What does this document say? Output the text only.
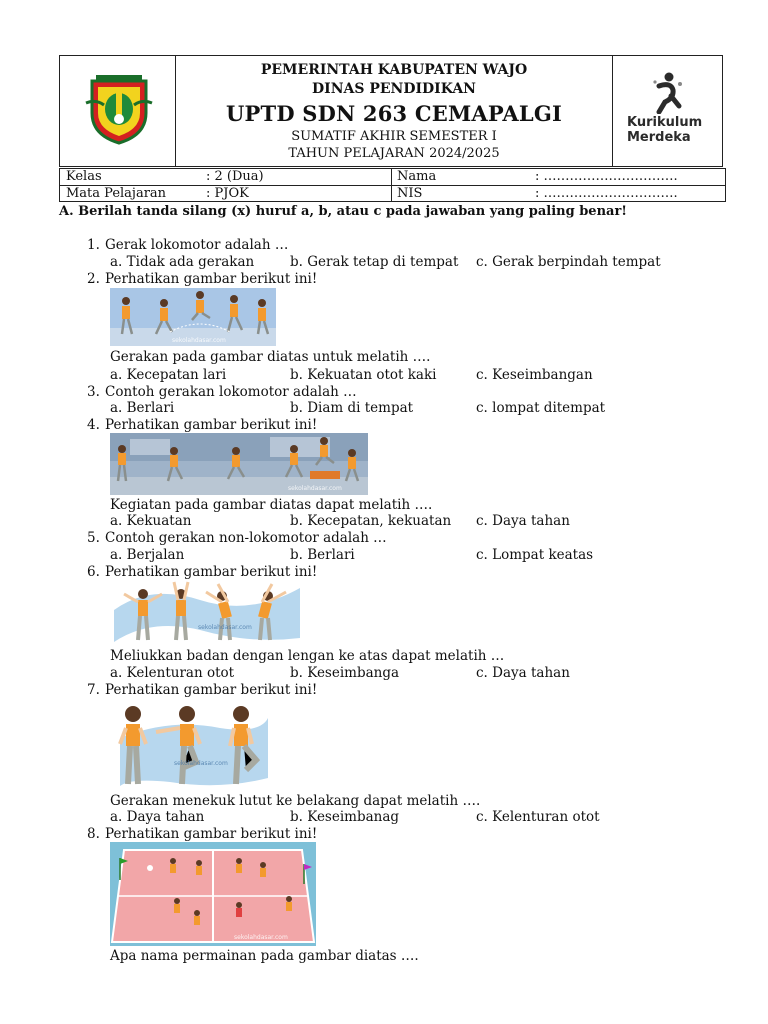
PEMERINTAH KABUPATEN WAJO
DINAS PENDIDIKAN
UPTD SDN 263 CEMAPALGI
SUMATIF AKHIR SEMESTER I
TAHUN PELAJARAN 2024/2025
Kurikulum
Merdeka
Kelas	: 2 (Dua)
Mata Pelajaran	: PJOK
Nama	: ………………………….
NIS	: ………………………….
A. Berilah tanda silang (x) huruf a, b, atau c pada jawaban yang paling benar!
1. Gerak lokomotor adalah …
a. Tidak ada gerakan	b. Gerak tetap di tempat c. Gerak berpindah tempat
2. Perhatikan gambar berikut ini!
sekolahdasar.com
Gerakan pada gambar diatas untuk melatih ….
a. Kecepatan lari	b. Kekuatan otot kaki	c. Keseimbangan
3. Contoh gerakan lokomotor adalah …
a. Berlari	b. Diam di tempat	c. lompat ditempat
4. Perhatikan gambar berikut ini!
sekolahdasar.com
Kegiatan pada gambar diatas dapat melatih ….
a. Kekuatan	b. Kecepatan, kekuatan c. Daya tahan
5. Contoh gerakan non-lokomotor adalah …
a. Berjalan	b. Berlari	c. Lompat keatas
6. Perhatikan gambar berikut ini!
sekolahdasar.com
Meliukkan badan dengan lengan ke atas dapat melatih …
a. Kelenturan otot	b. Keseimbanga	c. Daya tahan
7. Perhatikan gambar berikut ini!
sekolahdasar.com
Gerakan menekuk lutut ke belakang dapat melatih ….
a. Daya tahan	b. Keseimbanag	c. Kelenturan otot
8. Perhatikan gambar berikut ini!
sekolahdasar.com
Apa nama permainan pada gambar diatas ….
